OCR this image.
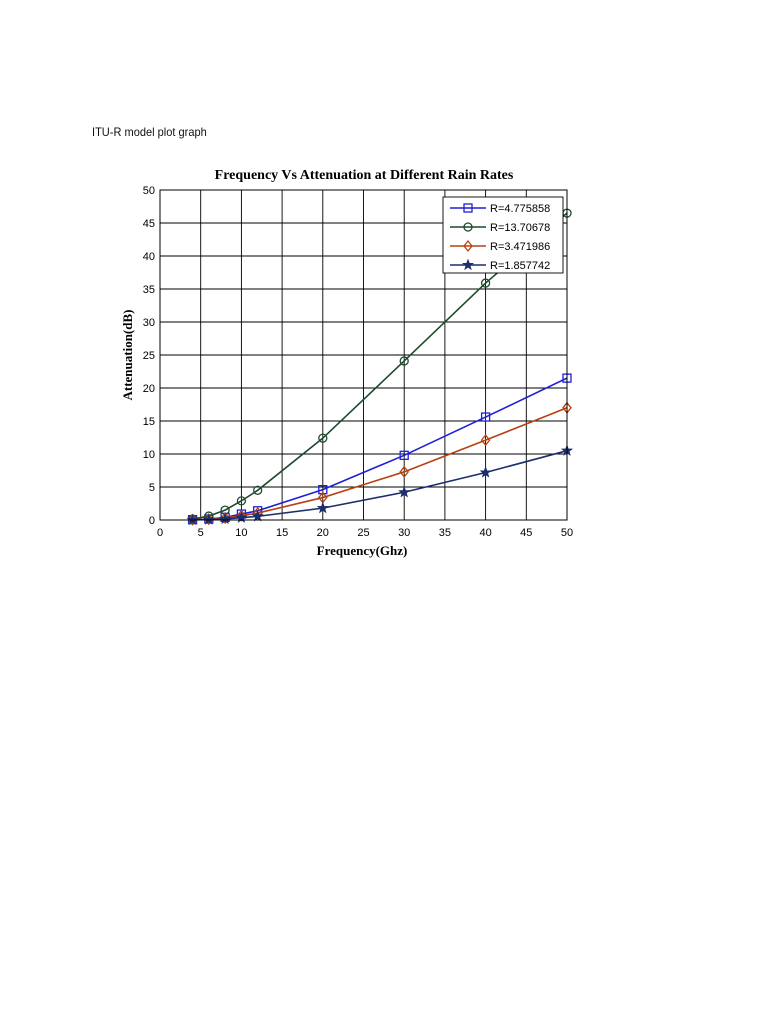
ITU-R model plot graph
Frequency Vs Attenuation at Different Rain Rates
0	5	10	15	20	25	30	35	40	45	50
0
5
10
15
20
25
30
35
40
45
50
R=4.775858
R=13.70678
R=3.471986
R=1.857742
Frequency(Ghz)
Attenuation(dB)
